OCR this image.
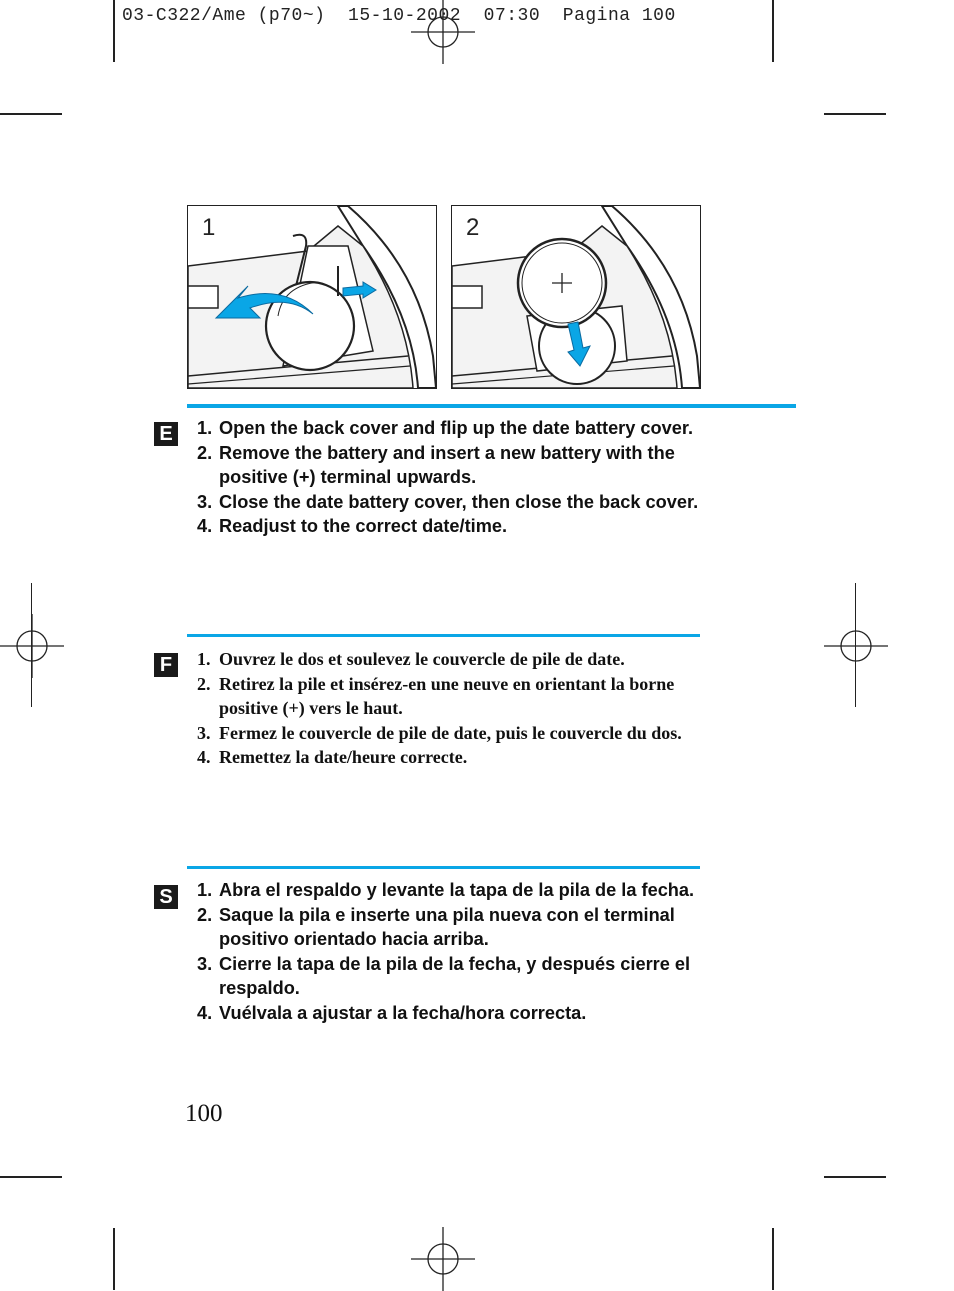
03-C322/Ame (p70~)  15-10-2002  07:30  Pagina 100
1	2
E 1. Open the back cover and flip up the date battery cover.
2. Remove the battery and insert a new battery with the positive (+) terminal upwards.
3. Close the date battery cover, then close the back cover.
4. Readjust to the correct date/time.
F	1. Ouvrez le dos et soulevez le couvercle de pile de date.
2. Retirez la pile et insérez-en une neuve en orientant la borne positive (+) vers le haut.
3. Fermez le couvercle de pile de date, puis le couvercle du dos.
4. Remettez la date/heure correcte.
S 1. Abra el respaldo y levante la tapa de la pila de la fecha.
2. Saque la pila e inserte una pila nueva con el terminal positivo orientado hacia arriba.
3. Cierre la tapa de la pila de la fecha, y después cierre el respaldo.
4. Vuélvala a ajustar a la fecha/hora correcta.
100
